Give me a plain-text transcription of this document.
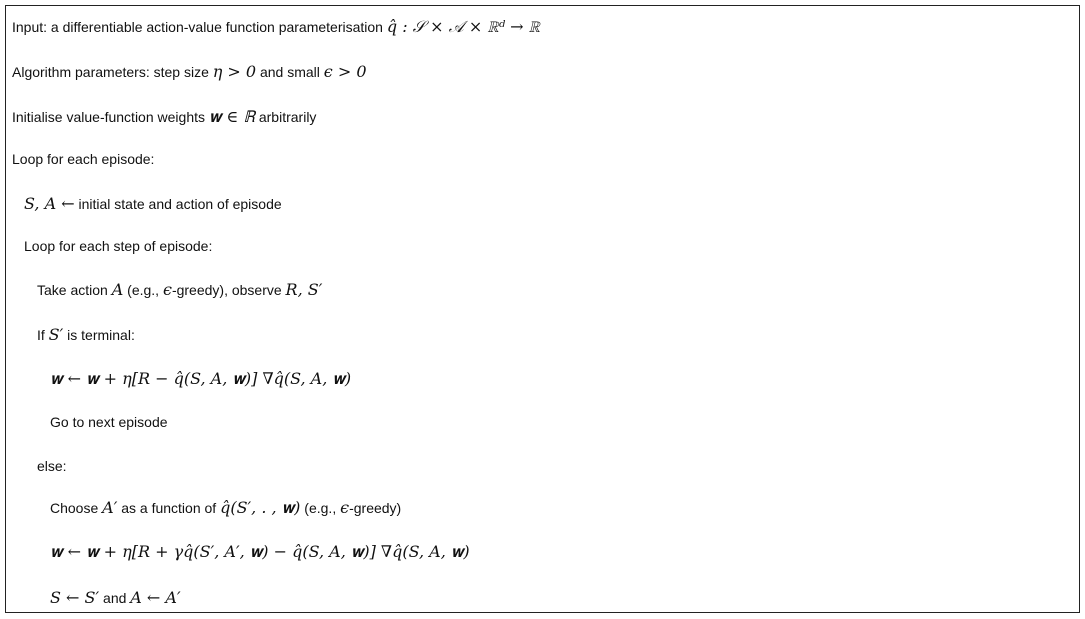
Input: a differentiable action-value function parameterisation q̂ : 𝒮 × 𝒜 × ℝᵈ → ℝ
Algorithm parameters: step size η > 0 and small ϵ > 0
Initialise value-function weights 𝐰 ∈ ℝ arbitrarily
Loop for each episode:
S, A ← initial state and action of episode
Loop for each step of episode:
Take action A (e.g., ϵ-greedy), observe R, S′
If S′ is terminal:
𝐰 ← 𝐰 + η[R − q̂(S, A, 𝐰)] ∇q̂(S, A, 𝐰)
Go to next episode
else:
Choose A′ as a function of q̂(S′, . , 𝐰) (e.g., ϵ-greedy)
𝐰 ← 𝐰 + η[R + γq̂(S′, A′, 𝐰) − q̂(S, A, 𝐰)] ∇q̂(S, A, 𝐰)
S ← S′ and A ← A′
